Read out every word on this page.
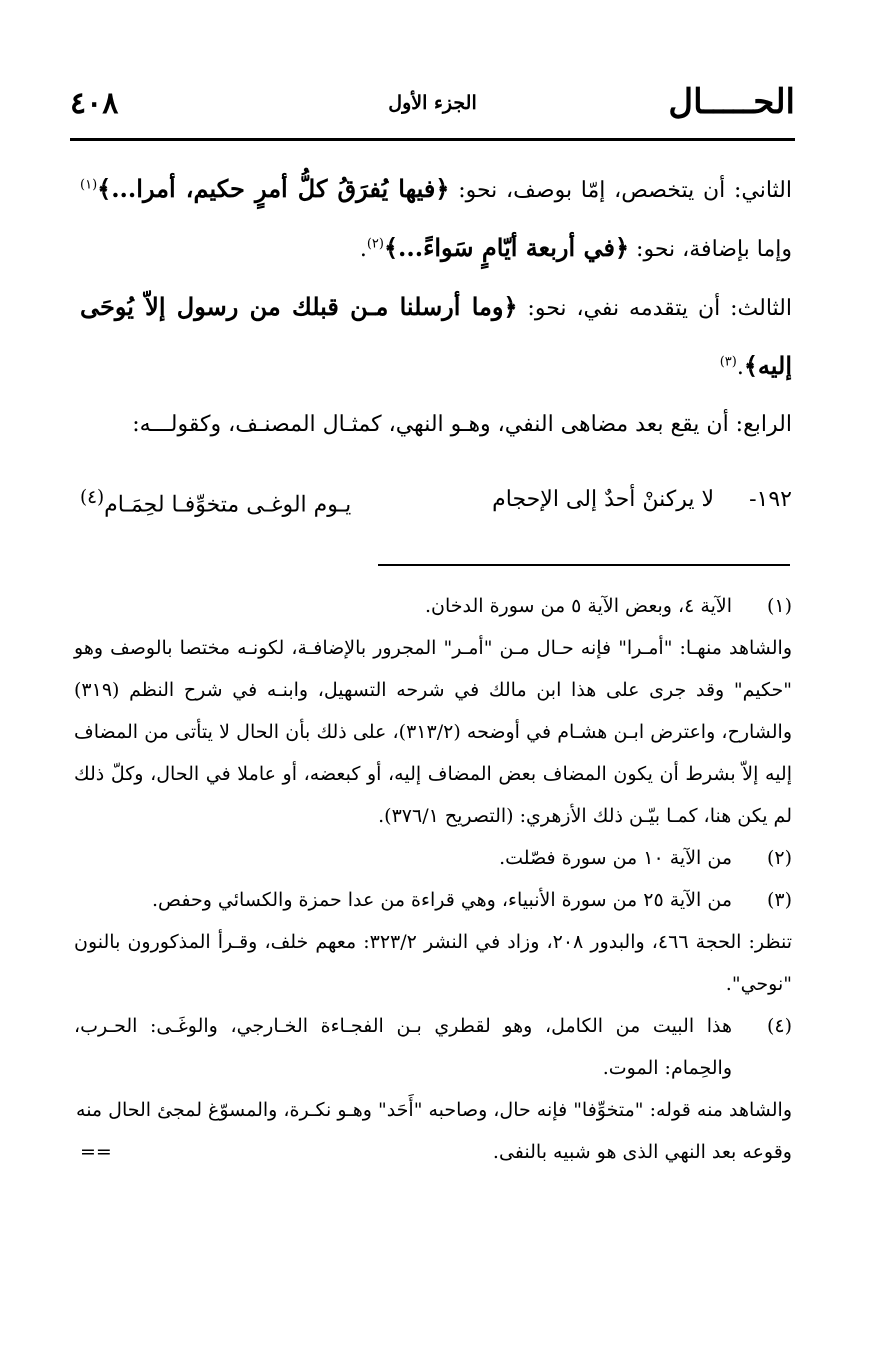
الحـــــال
الجزء الأول
٤٠٨

الثاني: أن يتخصص، إمّا بوصف، نحو: ﴿فيها يُفرَقُ كلُّ أمرٍ حكيم، أمرا...﴾$^{(١)}$ وإما بإضافة، نحو: ﴿في أربعة أيّامٍ سَواءً...﴾$^{(٢)}$.

الثالث: أن يتقدمه نفي، نحو: ﴿وما أرسلنا مـن قبلك من رسول إلاّ يُوحَى إليه﴾.$^{(٣)}$

الرابع: أن يقع بعد مضاهى النفي، وهـو النهي، كمثـال المصنـف، وكقولـــه:

١٩٢-
لا يركننْ أحدٌ إلى الإحجام
يـوم الوغـى متخوِّفـا لحِمَـام$^{(٤)}$
(١)
الآية ٤، وبعض الآية ٥ من سورة الدخان.
والشاهد منهـا: "أمـرا" فإنه حـال مـن "أمـر" المجرور بالإضافـة، لكونـه مختصا بالوصف وهو "حكيم" وقد جرى على هذا ابن مالك في شرحه التسهيل، وابنـه في شرح النظم (٣١٩) والشارح، واعترض ابـن هشـام في أوضحه (٣١٣/٢)، على ذلك بأن الحال لا يتأتى من المضاف إليه إلاّ بشرط أن يكون المضاف بعض المضاف إليه، أو كبعضه، أو عاملا في الحال، وكلّ ذلك لم يكن هنا، كمـا بيّـن ذلك الأزهري: (التصريح ٣٧٦/١).
(٢)
من الآية ١٠ من سورة فصّلت.
(٣)
من الآية ٢٥ من سورة الأنبياء، وهي قراءة من عدا حمزة والكسائي وحفص.
تنظر: الحجة ٤٦٦، والبدور ٢٠٨، وزاد في النشر ٣٢٣/٢: معهم خلف، وقـرأ المذكورون بالنون "نوحي".
(٤)
هذا البيت من الكامل، وهو لقطري بـن الفجـاءة الخـارجي، والوغَـى: الحـرب، والحِمام: الموت.
والشاهد منه قوله: "متخوِّفا" فإنه حال، وصاحبه "أَحَد" وهـو نكـرة، والمسوّغ لمجئ الحال منه وقوعه بعد النهي الذى هو شبيه بالنفى.
==
